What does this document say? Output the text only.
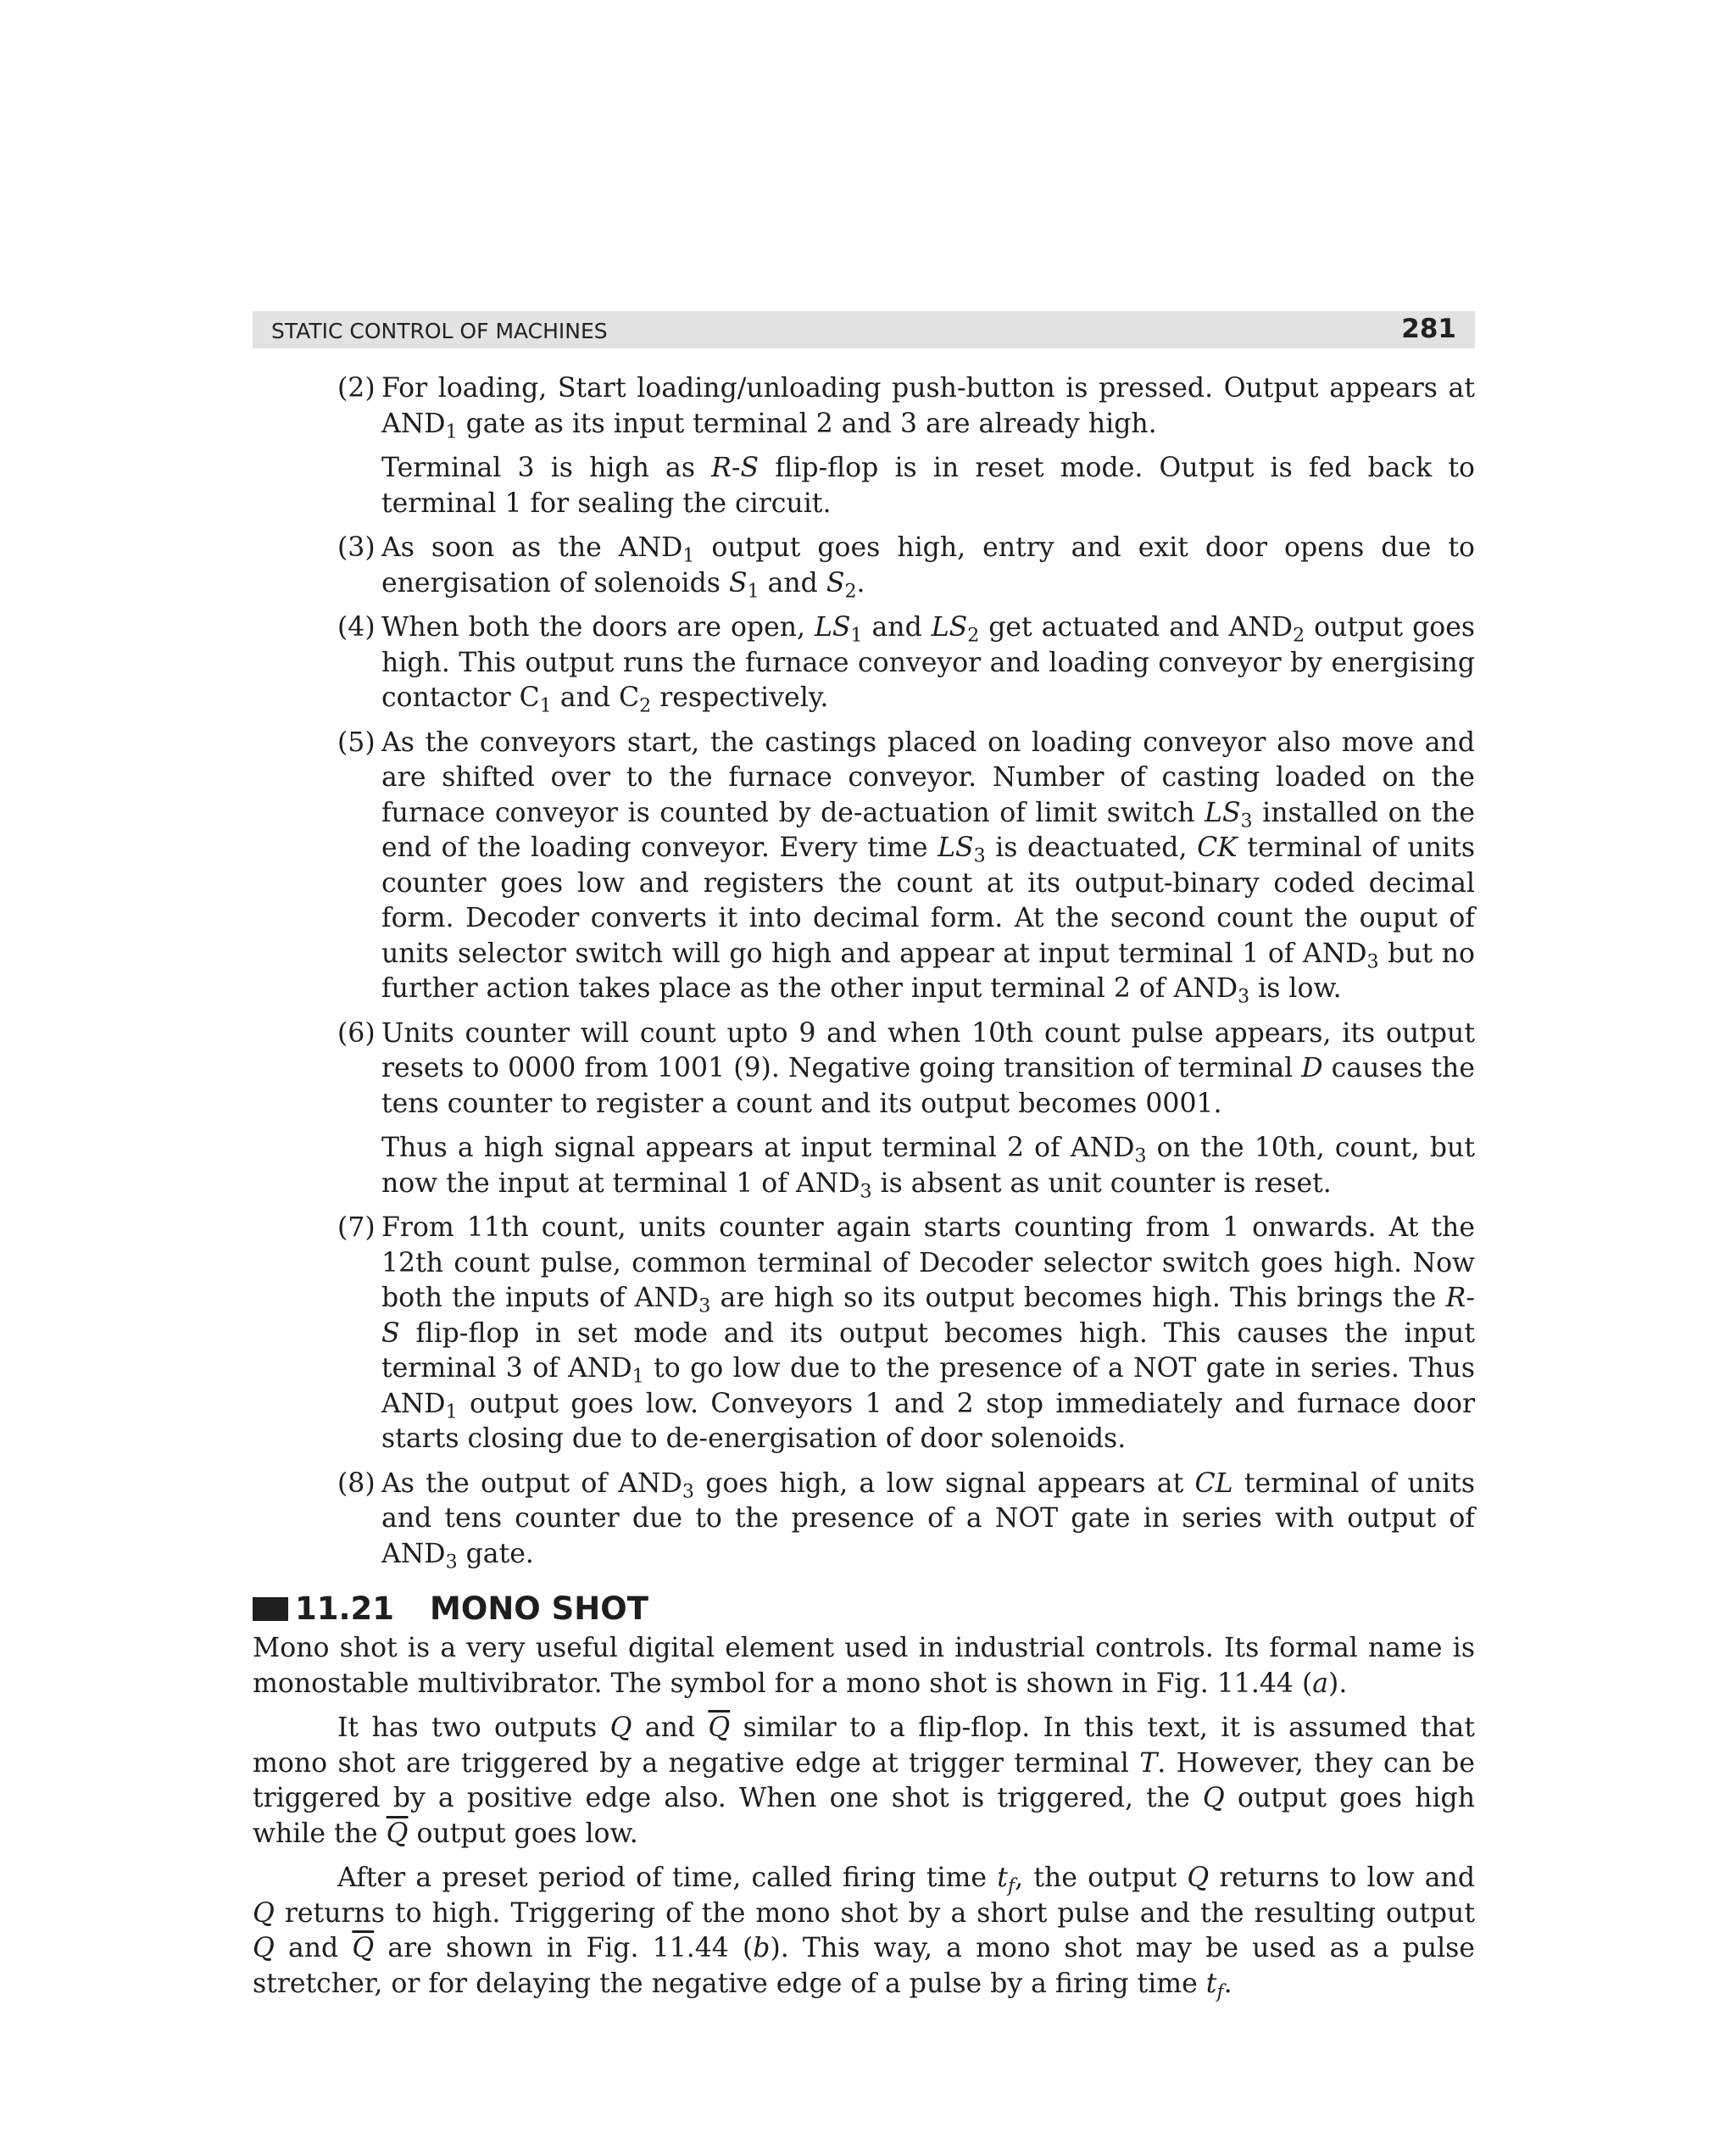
STATIC CONTROL OF MACHINES	281
(2) For loading, Start loading/unloading push-button is pressed. Output appears at $AND_1$ gate as its input terminal 2 and 3 are already high.

Terminal 3 is high as R-S flip-flop is in reset mode. Output is fed back to terminal 1 for sealing the circuit.

(3) As soon as the $AND_1$ output goes high, entry and exit door opens due to energisation of solenoids $S_1$ and $S_2$.

(4) When both the doors are open, $LS_1$ and $LS_2$ get actuated and $AND_2$ output goes high. This output runs the furnace conveyor and loading conveyor by energising contactor $C_1$ and $C_2$ respectively.

(5) As the conveyors start, the castings placed on loading conveyor also move and are shifted over to the furnace conveyor. Number of casting loaded on the furnace conveyor is counted by de-actuation of limit switch $LS_3$ installed on the end of the loading conveyor. Every time $LS_3$ is deactuated, CK terminal of units counter goes low and registers the count at its output-binary coded decimal form. Decoder converts it into decimal form. At the second count the ouput of units selector switch will go high and appear at input terminal 1 of $AND_3$ but no further action takes place as the other input terminal 2 of $AND_3$ is low.

(6) Units counter will count upto 9 and when 10th count pulse appears, its output resets to 0000 from 1001 (9). Negative going transition of terminal D causes the tens counter to register a count and its output becomes 0001.

Thus a high signal appears at input terminal 2 of $AND_3$ on the 10th, count, but now the input at terminal 1 of $AND_3$ is absent as unit counter is reset.

(7) From 11th count, units counter again starts counting from 1 onwards. At the 12th count pulse, common terminal of Decoder selector switch goes high. Now both the inputs of $AND_3$ are high so its output becomes high. This brings the R-S flip-flop in set mode and its output becomes high. This causes the input terminal 3 of $AND_1$ to go low due to the presence of a NOT gate in series. Thus $AND_1$ output goes low. Conveyors 1 and 2 stop immediately and furnace door starts closing due to de-energisation of door solenoids.

(8) As the output of $AND_3$ goes high, a low signal appears at CL terminal of units and tens counter due to the presence of a NOT gate in series with output of $AND_3$ gate.

11.21 MONO SHOT

Mono shot is a very useful digital element used in industrial controls. Its formal name is monostable multivibrator. The symbol for a mono shot is shown in Fig. 11.44 (a).

It has two outputs Q and $\overline{Q}$ similar to a flip-flop. In this text, it is assumed that mono shot are triggered by a negative edge at trigger terminal T. However, they can be triggered by a positive edge also. When one shot is triggered, the Q output goes high while the $\overline{Q}$ output goes low.

After a preset period of time, called firing time $t_f$, the output Q returns to low and Q returns to high. Triggering of the mono shot by a short pulse and the resulting output Q and $\overline{Q}$ are shown in Fig. 11.44 (b). This way, a mono shot may be used as a pulse stretcher, or for delaying the negative edge of a pulse by a firing time $t_f$.
